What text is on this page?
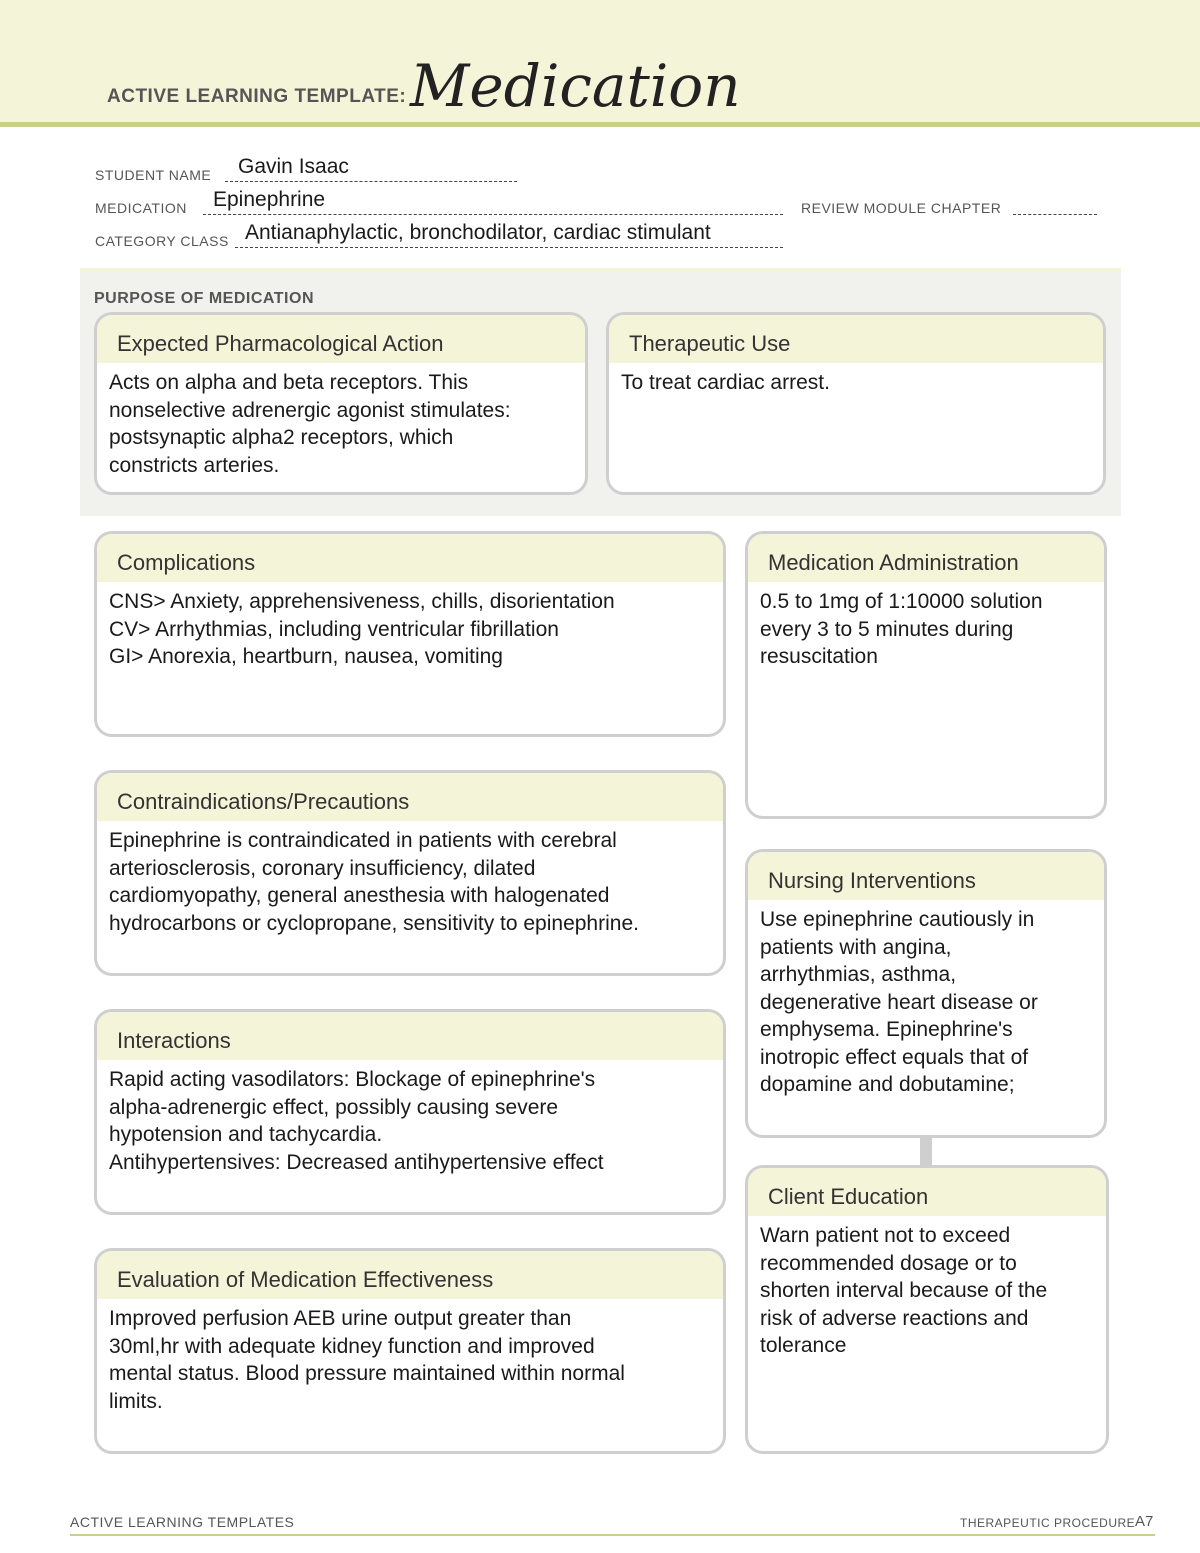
ACTIVE LEARNING TEMPLATE: Medication
STUDENT NAME Gavin Isaac
MEDICATION Epinephrine	REVIEW MODULE CHAPTER
CATEGORY CLASS Antianaphylactic, bronchodilator, cardiac stimulant
PURPOSE OF MEDICATION
Expected Pharmacological Action
Acts on alpha and beta receptors. This
nonselective adrenergic agonist stimulates:
postsynaptic alpha2 receptors, which
constricts arteries.
Therapeutic Use
To treat cardiac arrest.
Complications
CNS> Anxiety, apprehensiveness, chills, disorientation
CV> Arrhythmias, including ventricular fibrillation
GI> Anorexia, heartburn, nausea, vomiting
Contraindications/Precautions
Epinephrine is contraindicated in patients with cerebral
arteriosclerosis, coronary insufficiency, dilated
cardiomyopathy, general anesthesia with halogenated
hydrocarbons or cyclopropane, sensitivity to epinephrine.
Interactions
Rapid acting vasodilators: Blockage of epinephrine's
alpha-adrenergic effect, possibly causing severe
hypotension and tachycardia.
Antihypertensives: Decreased antihypertensive effect
Evaluation of Medication Effectiveness
Improved perfusion AEB urine output greater than
30ml,hr with adequate kidney function and improved
mental status. Blood pressure maintained within normal
limits.
Medication Administration
0.5 to 1mg of 1:10000 solution
every 3 to 5 minutes during
resuscitation
Nursing Interventions
Use epinephrine cautiously in
patients with angina,
arrhythmias, asthma,
degenerative heart disease or
emphysema. Epinephrine's
inotropic effect equals that of
dopamine and dobutamine;
Client Education
Warn patient not to exceed
recommended dosage or to
shorten interval because of the
risk of adverse reactions and
tolerance
ACTIVE LEARNING TEMPLATES	THERAPEUTIC PROCEDURE A7
